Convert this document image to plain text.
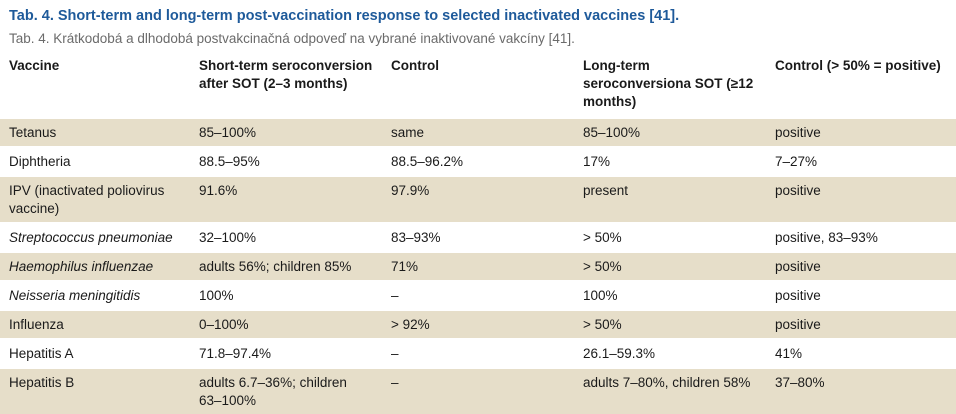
Tab. 4. Short-term and long-term post-vaccination response to selected inactivated vaccines [41].
Tab. 4. Krátkodobá a dlhodobá postvakcinačná odpoveď na vybrané inaktivované vakcíny [41].
Vaccine	Short-term seroconversion after SOT (2–3 months)	Control	Long-term seroconversiona SOT (≥12 months)	Control (> 50% = positive)
Tetanus	85–100%	same	85–100%	positive
Diphtheria	88.5–95%	88.5–96.2%	17%	7–27%
IPV (inactivated poliovirus vaccine)	91.6%	97.9%	present	positive
Streptococcus pneumoniae	32–100%	83–93%	> 50%	positive, 83–93%
Haemophilus influenzae	adults 56%; children 85%	71%	> 50%	positive
Neisseria meningitidis	100%	–	100%	positive
Influenza	0–100%	> 92%	> 50%	positive
Hepatitis A	71.8–97.4%	–	26.1–59.3%	41%
Hepatitis B	adults 6.7–36%; children 63–100%	–	adults 7–80%, children 58%	37–80%
